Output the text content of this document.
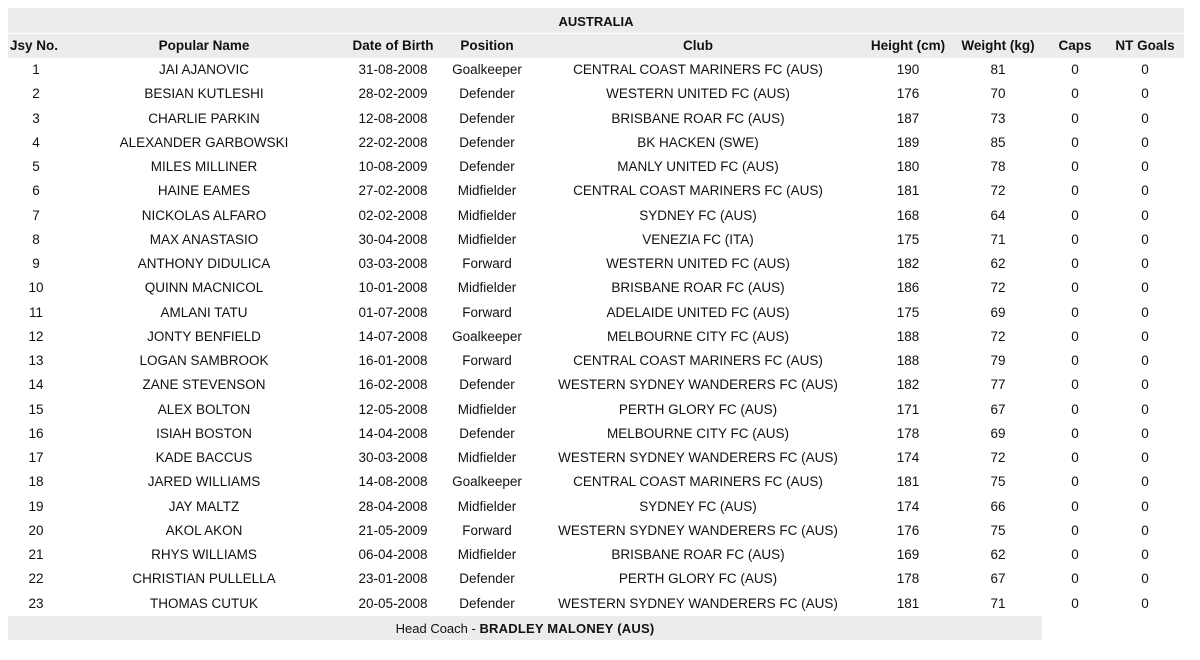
AUSTRALIA
Jsy No.	Popular Name	Date of Birth	Position	Club	Height (cm)	Weight (kg)	Caps	NT Goals
1	JAI AJANOVIC	31-08-2008	Goalkeeper	CENTRAL COAST MARINERS FC (AUS)	190	81	0	0
2	BESIAN KUTLESHI	28-02-2009	Defender	WESTERN UNITED FC (AUS)	176	70	0	0
3	CHARLIE PARKIN	12-08-2008	Defender	BRISBANE ROAR FC (AUS)	187	73	0	0
4	ALEXANDER GARBOWSKI	22-02-2008	Defender	BK HACKEN (SWE)	189	85	0	0
5	MILES MILLINER	10-08-2009	Defender	MANLY UNITED FC (AUS)	180	78	0	0
6	HAINE EAMES	27-02-2008	Midfielder	CENTRAL COAST MARINERS FC (AUS)	181	72	0	0
7	NICKOLAS ALFARO	02-02-2008	Midfielder	SYDNEY FC (AUS)	168	64	0	0
8	MAX ANASTASIO	30-04-2008	Midfielder	VENEZIA FC (ITA)	175	71	0	0
9	ANTHONY DIDULICA	03-03-2008	Forward	WESTERN UNITED FC (AUS)	182	62	0	0
10	QUINN MACNICOL	10-01-2008	Midfielder	BRISBANE ROAR FC (AUS)	186	72	0	0
11	AMLANI TATU	01-07-2008	Forward	ADELAIDE UNITED FC (AUS)	175	69	0	0
12	JONTY BENFIELD	14-07-2008	Goalkeeper	MELBOURNE CITY FC (AUS)	188	72	0	0
13	LOGAN SAMBROOK	16-01-2008	Forward	CENTRAL COAST MARINERS FC (AUS)	188	79	0	0
14	ZANE STEVENSON	16-02-2008	Defender	WESTERN SYDNEY WANDERERS FC (AUS)	182	77	0	0
15	ALEX BOLTON	12-05-2008	Midfielder	PERTH GLORY FC (AUS)	171	67	0	0
16	ISIAH BOSTON	14-04-2008	Defender	MELBOURNE CITY FC (AUS)	178	69	0	0
17	KADE BACCUS	30-03-2008	Midfielder	WESTERN SYDNEY WANDERERS FC (AUS)	174	72	0	0
18	JARED WILLIAMS	14-08-2008	Goalkeeper	CENTRAL COAST MARINERS FC (AUS)	181	75	0	0
19	JAY MALTZ	28-04-2008	Midfielder	SYDNEY FC (AUS)	174	66	0	0
20	AKOL AKON	21-05-2009	Forward	WESTERN SYDNEY WANDERERS FC (AUS)	176	75	0	0
21	RHYS WILLIAMS	06-04-2008	Midfielder	BRISBANE ROAR FC (AUS)	169	62	0	0
22	CHRISTIAN PULLELLA	23-01-2008	Defender	PERTH GLORY FC (AUS)	178	67	0	0
23	THOMAS CUTUK	20-05-2008	Defender	WESTERN SYDNEY WANDERERS FC (AUS)	181	71	0	0
Head Coach - BRADLEY MALONEY (AUS)
